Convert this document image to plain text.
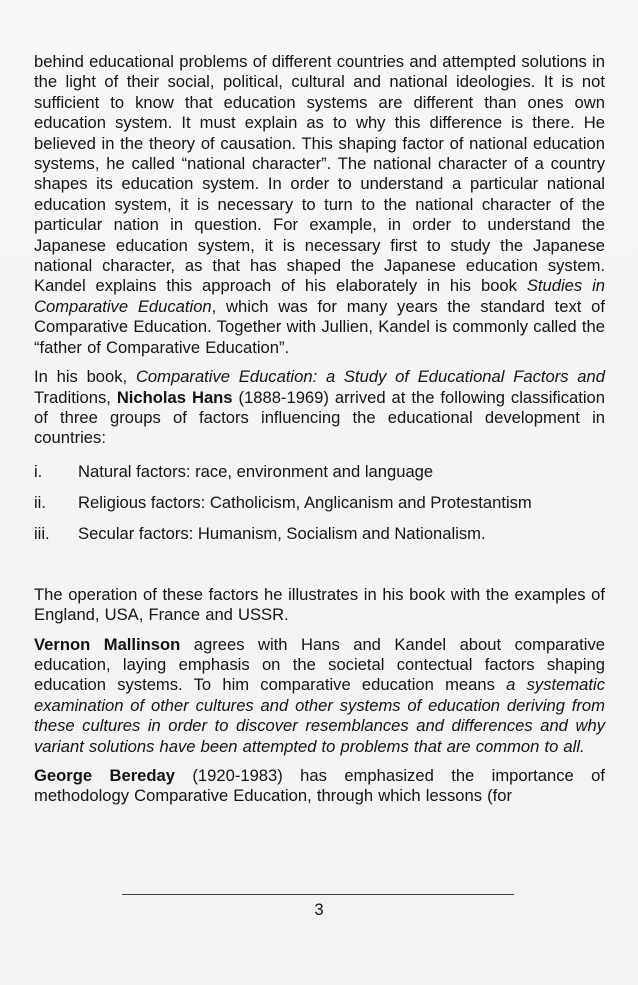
behind educational problems of different countries and attempted solutions in the light of their social, political, cultural and national ideologies. It is not sufficient to know that education systems are different than ones own education system. It must explain as to why this difference is there. He believed in the theory of causation. This shaping factor of national education systems, he called “national character”. The national character of a country shapes its education system. In order to understand a particular national education system, it is necessary to turn to the national character of the particular nation in question. For example, in order to understand the Japanese education system, it is necessary first to study the Japanese national character, as that has shaped the Japanese education system. Kandel explains this approach of his elaborately in his book Studies in Comparative Education, which was for many years the standard text of Comparative Education. Together with Jullien, Kandel is commonly called the “father of Comparative Education”.

In his book, Comparative Education: a Study of Educational Factors and Traditions, Nicholas Hans (1888-1969) arrived at the following classification of three groups of factors influencing the educational development in countries:

i.	Natural factors: race, environment and language
ii.	Religious factors: Catholicism, Anglicanism and Protestantism
iii.	Secular factors: Humanism, Socialism and Nationalism.

The operation of these factors he illustrates in his book with the examples of England, USA, France and USSR.

Vernon Mallinson agrees with Hans and Kandel about comparative education, laying emphasis on the societal contectual factors shaping education systems. To him comparative education means a systematic examination of other cultures and other systems of education deriving from these cultures in order to discover resemblances and differences and why variant solutions have been attempted to problems that are common to all.

George Bereday (1920-1983) has emphasized the importance of methodology Comparative Education, through which lessons (for

3
